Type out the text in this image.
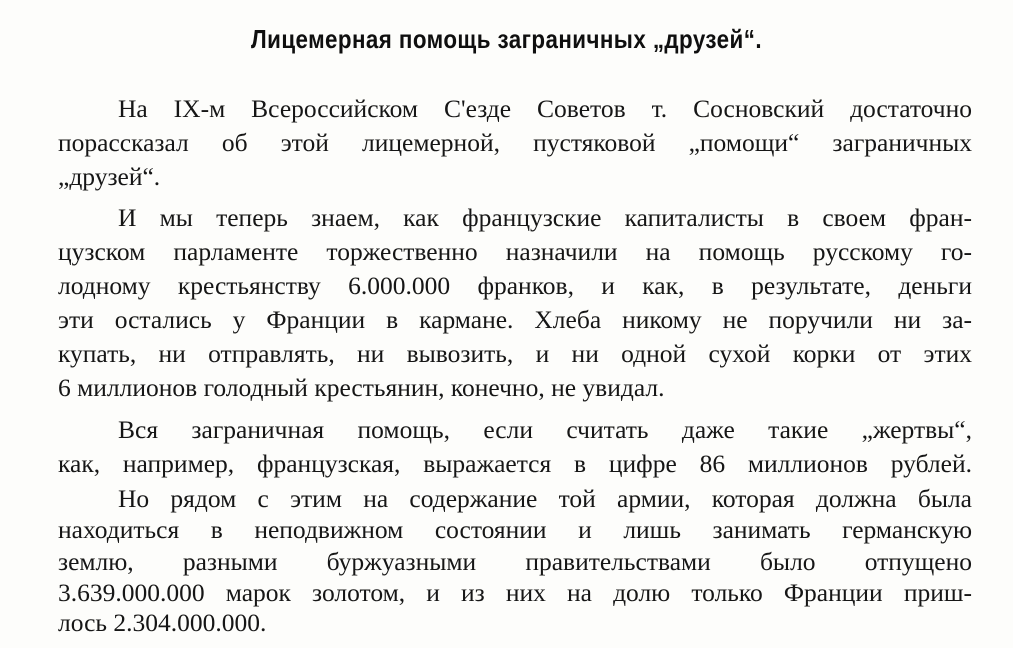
Лицемерная помощь заграничных „друзей“.
На IX-м Всероссийском С'езде Советов т. Сосновский достаточно
порассказал об этой лицемерной, пустяковой „помощи“ заграничных
„друзей“.
И мы теперь знаем, как французские капиталисты в своем фран-
цузском парламенте торжественно назначили на помощь русскому го-
лодному крестьянству 6.000.000 франков, и как, в результате, деньги
эти остались у Франции в кармане. Хлеба никому не поручили ни за-
купать, ни отправлять, ни вывозить, и ни одной сухой корки от этих
6 миллионов голодный крестьянин, конечно, не увидал.
Вся заграничная помощь, если считать даже такие „жертвы“,
как, например, французская, выражается в цифре 86 миллионов рублей.
Но рядом с этим на содержание той армии, которая должна была
находиться в неподвижном состоянии и лишь занимать германскую
землю, разными буржуазными правительствами было отпущено
3.639.000.000 марок золотом, и из них на долю только Франции приш-
лось 2.304.000.000.
